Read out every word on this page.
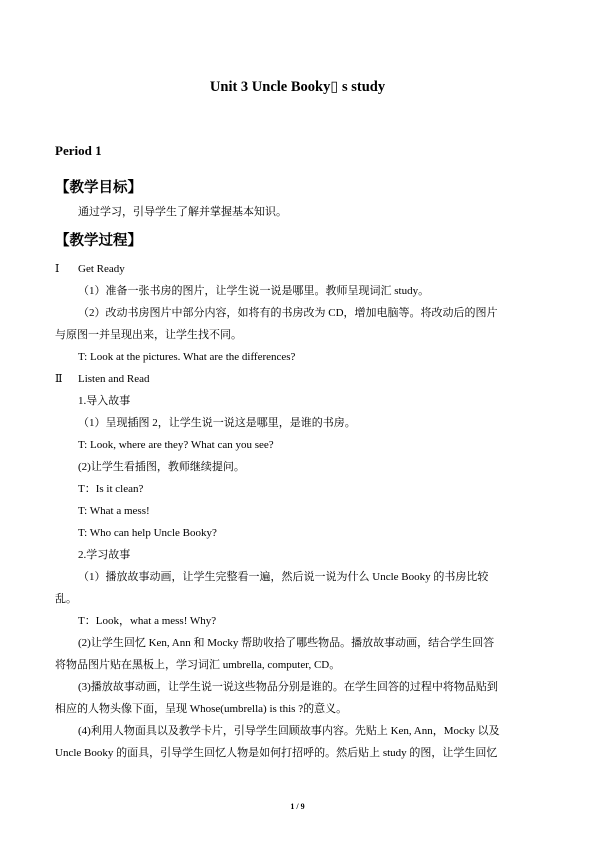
Unit 3 Uncle Booky▯ s study
Period 1
【教学目标】
通过学习，引导学生了解并掌握基本知识。
【教学过程】
Ⅰ Get Ready
（1）准备一张书房的图片，让学生说一说是哪里。教师呈现词汇 study。
（2）改动书房图片中部分内容，如将有的书房改为 CD，增加电脑等。将改动后的图片
与原图一并呈现出来，让学生找不同。
T: Look at the pictures. What are the differences?
Ⅱ Listen and Read
1.导入故事
（1）呈现插图 2，让学生说一说这是哪里，是谁的书房。
T: Look, where are they? What can you see?
(2)让学生看插图，教师继续提问。
T：Is it clean?
T: What a mess!
T: Who can help Uncle Booky?
2.学习故事
（1）播放故事动画，让学生完整看一遍，然后说一说为什么 Uncle Booky 的书房比较
乱。
T：Look，what a mess! Why?
(2)让学生回忆 Ken, Ann 和 Mocky 帮助收拾了哪些物品。播放故事动画，结合学生回答
将物品图片贴在黑板上，学习词汇 umbrella, computer, CD。
(3)播放故事动画，让学生说一说这些物品分别是谁的。在学生回答的过程中将物品贴到
相应的人物头像下面，呈现 Whose(umbrella) is this ?的意义。
(4)利用人物面具以及教学卡片，引导学生回顾故事内容。先贴上 Ken, Ann，Mocky 以及
Uncle Booky 的面具，引导学生回忆人物是如何打招呼的。然后贴上 study 的图，让学生回忆
1 / 9
